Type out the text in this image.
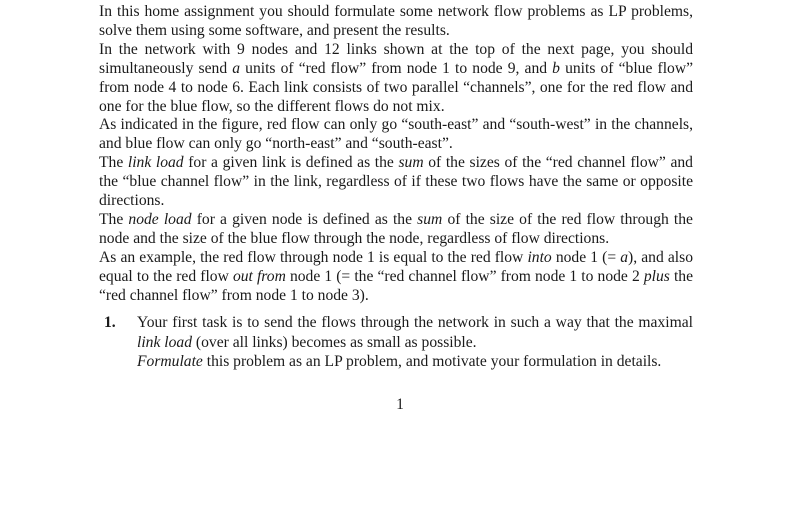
In this home assignment you should formulate some network flow problems as LP problems, solve them using some software, and present the results.

In the network with 9 nodes and 12 links shown at the top of the next page, you should simultaneously send a units of “red flow” from node 1 to node 9, and b units of “blue flow” from node 4 to node 6. Each link consists of two parallel “channels”, one for the red flow and one for the blue flow, so the different flows do not mix.

As indicated in the figure, red flow can only go “south-east” and “south-west” in the channels, and blue flow can only go “north-east” and “south-east”.

The link load for a given link is defined as the sum of the sizes of the “red channel flow” and the “blue channel flow” in the link, regardless of if these two flows have the same or opposite directions.

The node load for a given node is defined as the sum of the size of the red flow through the node and the size of the blue flow through the node, regardless of flow directions.

As an example, the red flow through node 1 is equal to the red flow into node 1 (= a), and also equal to the red flow out from node 1 (= the “red channel flow” from node 1 to node 2 plus the “red channel flow” from node 1 to node 3).

1. Your first task is to send the flows through the network in such a way that the maximal link load (over all links) becomes as small as possible.

Formulate this problem as an LP problem, and motivate your formulation in details.

1
